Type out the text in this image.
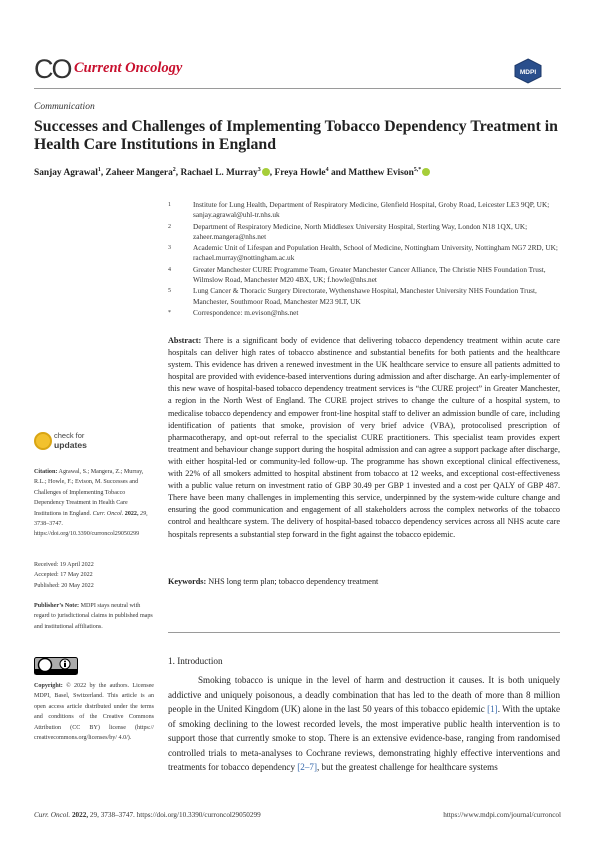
CO Current Oncology	MDPI
Communication
Successes and Challenges of Implementing Tobacco Dependency Treatment in Health Care Institutions in England
Sanjay Agrawal$^1$, Zaheer Mangera$^2$, Rachael L. Murray$^3$ , Freya Howle$^4$ and Matthew Evison$^{5,*}$
1	Institute for Lung Health, Department of Respiratory Medicine, Glenfield Hospital, Groby Road, Leicester LE3 9QP, UK; sanjay.agrawal@uhl-tr.nhs.uk
2	Department of Respiratory Medicine, North Middlesex University Hospital, Sterling Way, London N18 1QX, UK; zaheer.mangera@nhs.net
3	Academic Unit of Lifespan and Population Health, School of Medicine, Nottingham University, Nottingham NG7 2RD, UK; rachael.murray@nottingham.ac.uk
4	Greater Manchester CURE Programme Team, Greater Manchester Cancer Alliance, The Christie NHS Foundation Trust, Wilmslow Road, Manchester M20 4BX, UK; f.howle@nhs.net
5	Lung Cancer & Thoracic Surgery Directorate, Wythenshawe Hospital, Manchester University NHS Foundation Trust, Manchester, Southmoor Road, Manchester M23 9LT, UK
*	Correspondence: m.evison@nhs.net
Abstract: There is a significant body of evidence that delivering tobacco dependency treatment within acute care hospitals can deliver high rates of tobacco abstinence and substantial benefits for both patients and the healthcare system. This evidence has driven a renewed investment in the UK healthcare service to ensure all patients admitted to hospital are provided with evidence-based interventions during admission and after discharge. An early-implementer of this new wave of hospital-based tobacco dependency treatment services is “the CURE project” in Greater Manchester, a region in the North West of England. The CURE project strives to change the culture of a hospital system, to medicalise tobacco dependency and empower front-line hospital staff to deliver an admission bundle of care, including identification of patients that smoke, provision of very brief advice (VBA), protocolised prescription of pharmacotherapy, and opt-out referral to the specialist CURE practitioners. This specialist team provides expert treatment and behaviour change support during the hospital admission and can agree a support package after discharge, with either hospital-led or community-led follow-up. The programme has shown exceptional clinical effectiveness, with 22% of all smokers admitted to hospital abstinent from tobacco at 12 weeks, and exceptional cost-effectiveness with a public value return on investment ratio of GBP 30.49 per GBP 1 invested and a cost per QALY of GBP 487. There have been many challenges in implementing this service, underpinned by the system-wide culture change and ensuring the good communication and engagement of all stakeholders across the complex networks of the tobacco control and healthcare system. The delivery of hospital-based tobacco dependency services across all NHS acute care hospitals represents a substantial step forward in the fight against the tobacco epidemic.
Keywords: NHS long term plan; tobacco dependency treatment
check for
updates
Citation: Agrawal, S.; Mangera, Z.; Murray, R.L.; Howle, F.; Evison, M. Successes and Challenges of Implementing Tobacco Dependency Treatment in Health Care Institutions in England. Curr. Oncol. 2022, 29, 3738–3747. https://doi.org/10.3390/curroncol29050299
Received: 19 April 2022
Accepted: 17 May 2022
Published: 20 May 2022
Publisher’s Note: MDPI stays neutral with regard to jurisdictional claims in published maps and institutional affiliations.
Copyright: © 2022 by the authors. Licensee MDPI, Basel, Switzerland. This article is an open access article distributed under the terms and conditions of the Creative Commons Attribution (CC BY) license (https:// creativecommons.org/licenses/by/ 4.0/).
1. Introduction
Smoking tobacco is unique in the level of harm and destruction it causes. It is both uniquely addictive and uniquely poisonous, a deadly combination that has led to the death of more than 8 million people in the United Kingdom (UK) alone in the last 50 years of this tobacco epidemic [1]. With the uptake of smoking declining to the lowest recorded levels, the most imperative public health intervention is to support those that currently smoke to stop. There is an extensive evidence-base, ranging from randomised controlled trials to meta-analyses to Cochrane reviews, demonstrating highly effective interventions and treatments for tobacco dependency [2–7], but the greatest challenge for healthcare systems
Curr. Oncol. 2022, 29, 3738–3747. https://doi.org/10.3390/curroncol29050299	https://www.mdpi.com/journal/curroncol
